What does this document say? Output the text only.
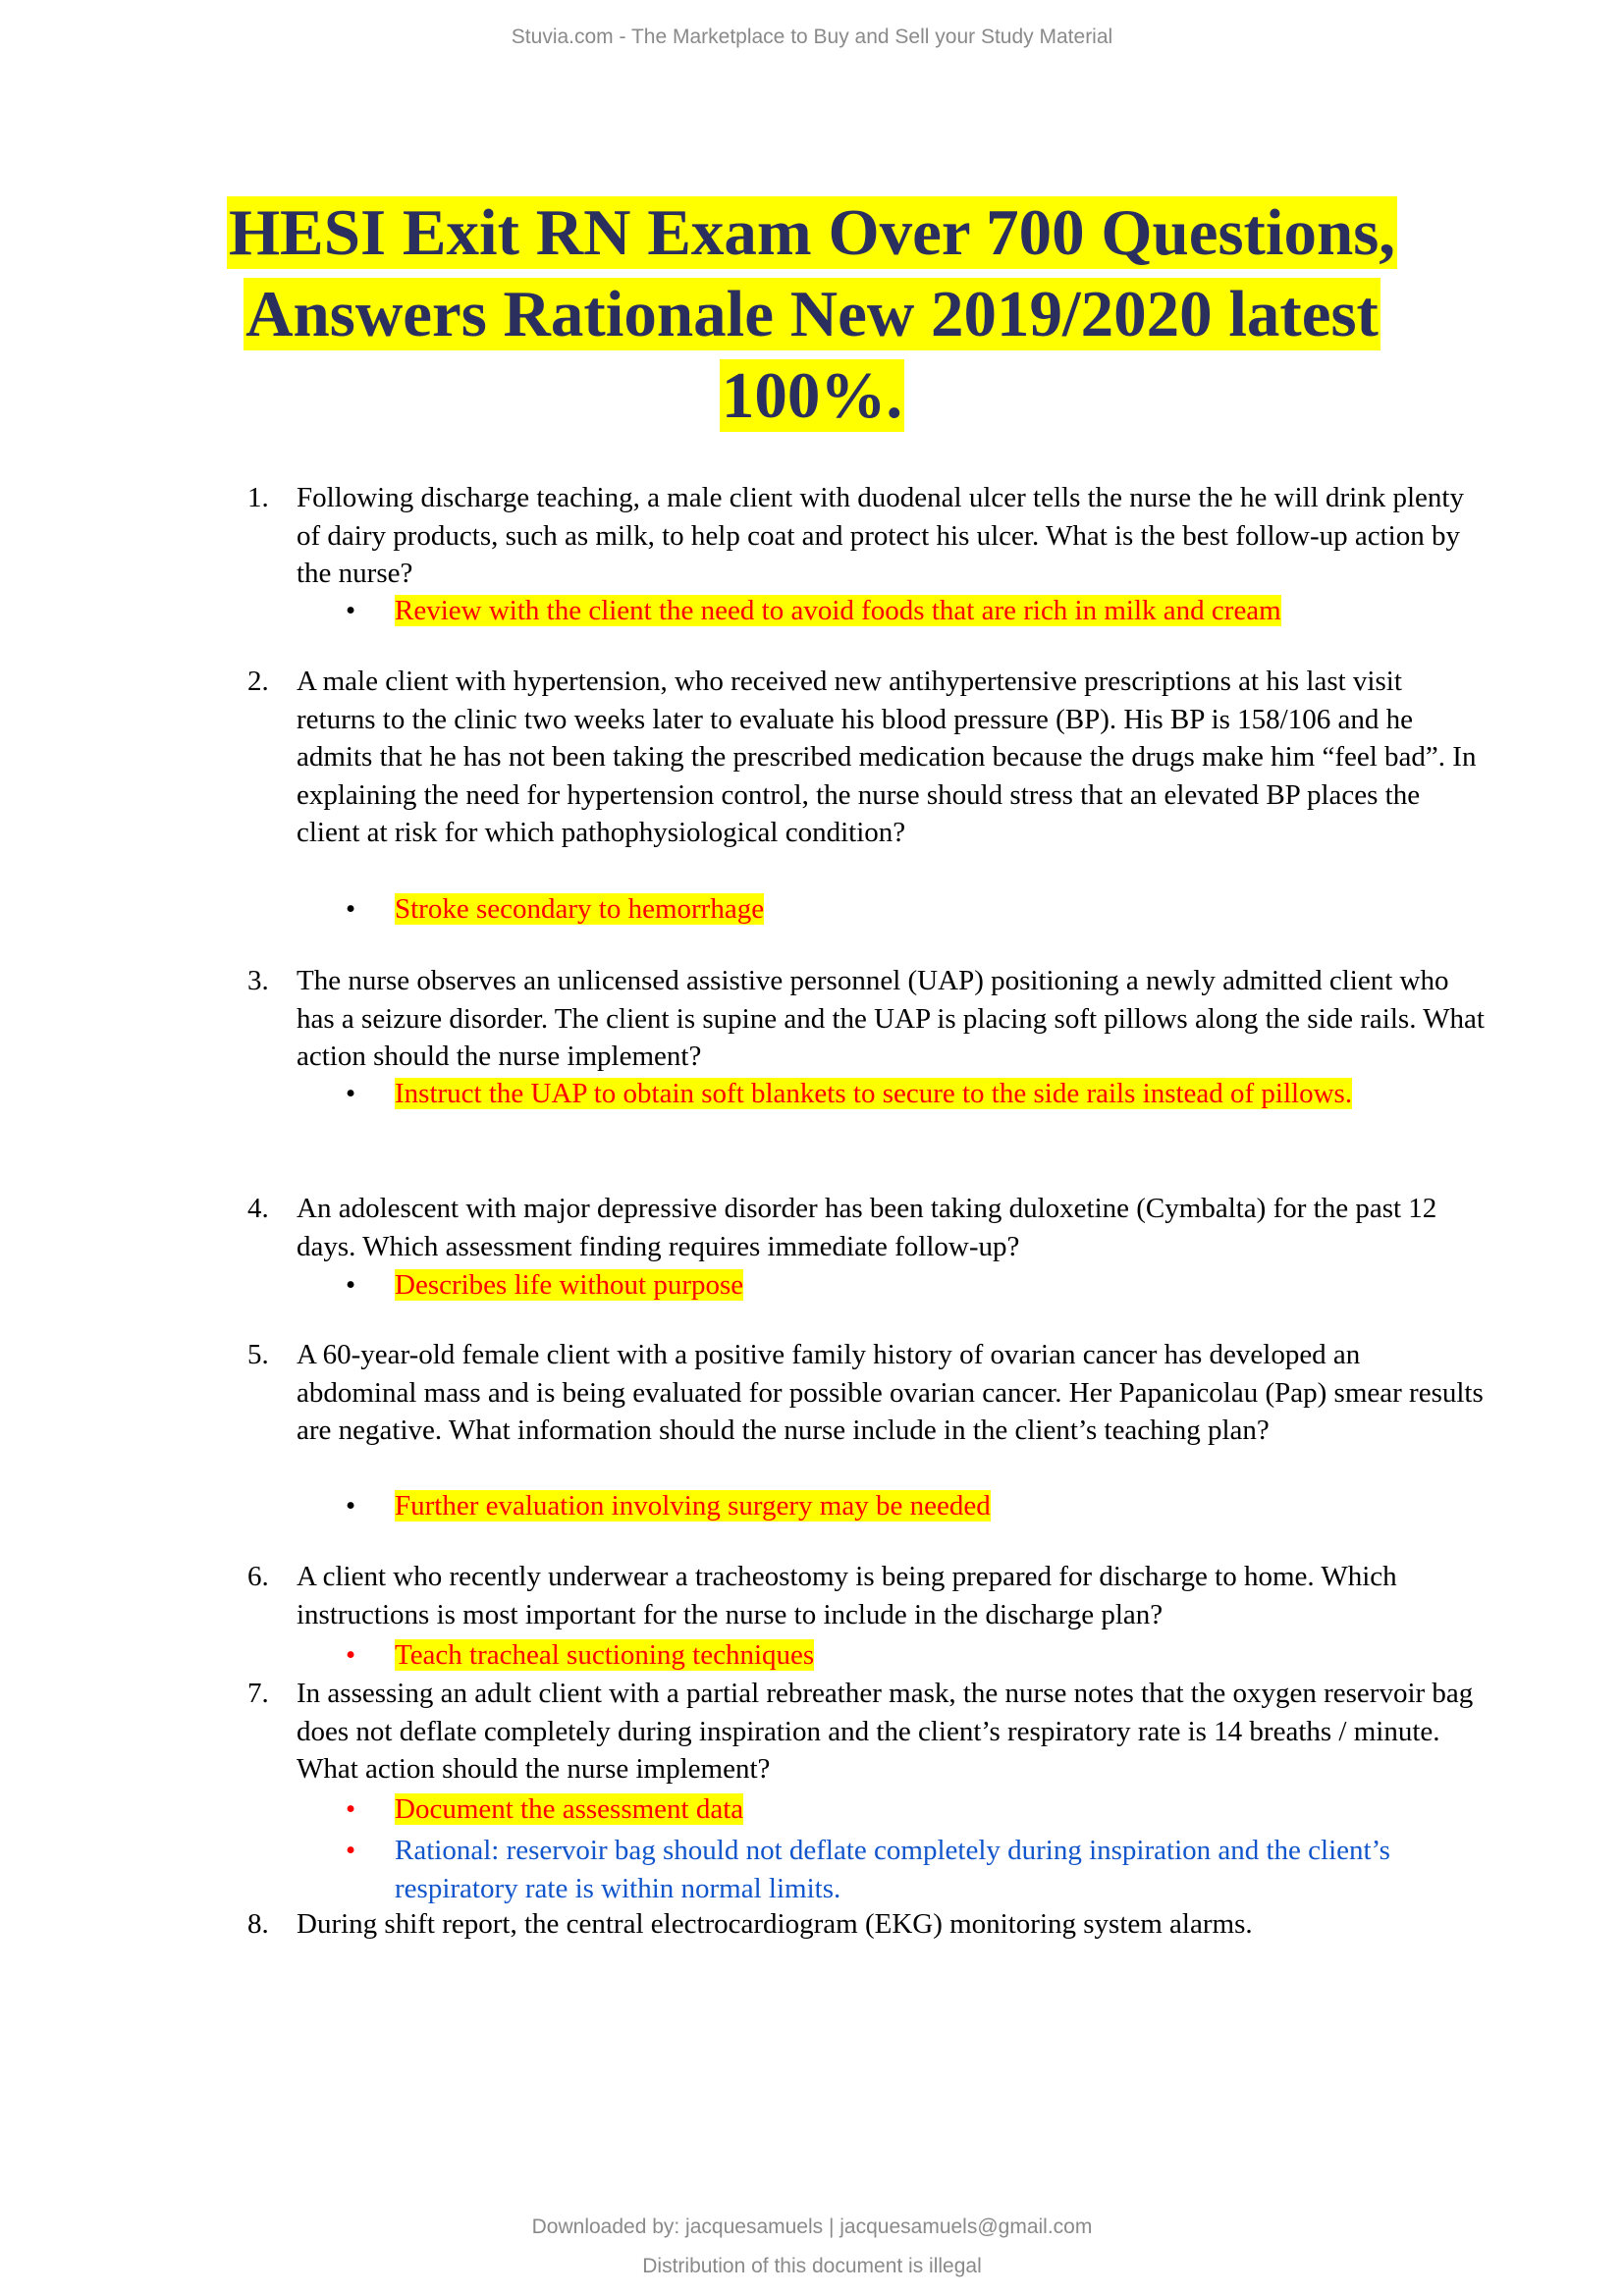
Stuvia.com - The Marketplace to Buy and Sell your Study Material
HESI Exit RN Exam Over 700 Questions,
Answers Rationale New 2019/2020 latest
100%.
1. Following discharge teaching, a male client with duodenal ulcer tells the nurse the he will drink plenty of dairy products, such as milk, to help coat and protect his ulcer. What is the best follow-up action by the nurse?
• Review with the client the need to avoid foods that are rich in milk and cream
2. A male client with hypertension, who received new antihypertensive prescriptions at his last visit returns to the clinic two weeks later to evaluate his blood pressure (BP). His BP is 158/106 and he admits that he has not been taking the prescribed medication because the drugs make him “feel bad”. In explaining the need for hypertension control, the nurse should stress that an elevated BP places the client at risk for which pathophysiological condition?
• Stroke secondary to hemorrhage
3. The nurse observes an unlicensed assistive personnel (UAP) positioning a newly admitted client who has a seizure disorder. The client is supine and the UAP is placing soft pillows along the side rails. What action should the nurse implement?
• Instruct the UAP to obtain soft blankets to secure to the side rails instead of pillows.
4. An adolescent with major depressive disorder has been taking duloxetine (Cymbalta) for the past 12 days. Which assessment finding requires immediate follow-up?
• Describes life without purpose
5. A 60-year-old female client with a positive family history of ovarian cancer has developed an abdominal mass and is being evaluated for possible ovarian cancer. Her Papanicolau (Pap) smear results are negative. What information should the nurse include in the client’s teaching plan?
• Further evaluation involving surgery may be needed
6. A client who recently underwear a tracheostomy is being prepared for discharge to home. Which instructions is most important for the nurse to include in the discharge plan?
• Teach tracheal suctioning techniques
7. In assessing an adult client with a partial rebreather mask, the nurse notes that the oxygen reservoir bag does not deflate completely during inspiration and the client’s respiratory rate is 14 breaths / minute. What action should the nurse implement?
• Document the assessment data
• Rational: reservoir bag should not deflate completely during inspiration and the client’s respiratory rate is within normal limits.
8. During shift report, the central electrocardiogram (EKG) monitoring system alarms.
Downloaded by: jacquesamuels | jacquesamuels@gmail.com
Distribution of this document is illegal
